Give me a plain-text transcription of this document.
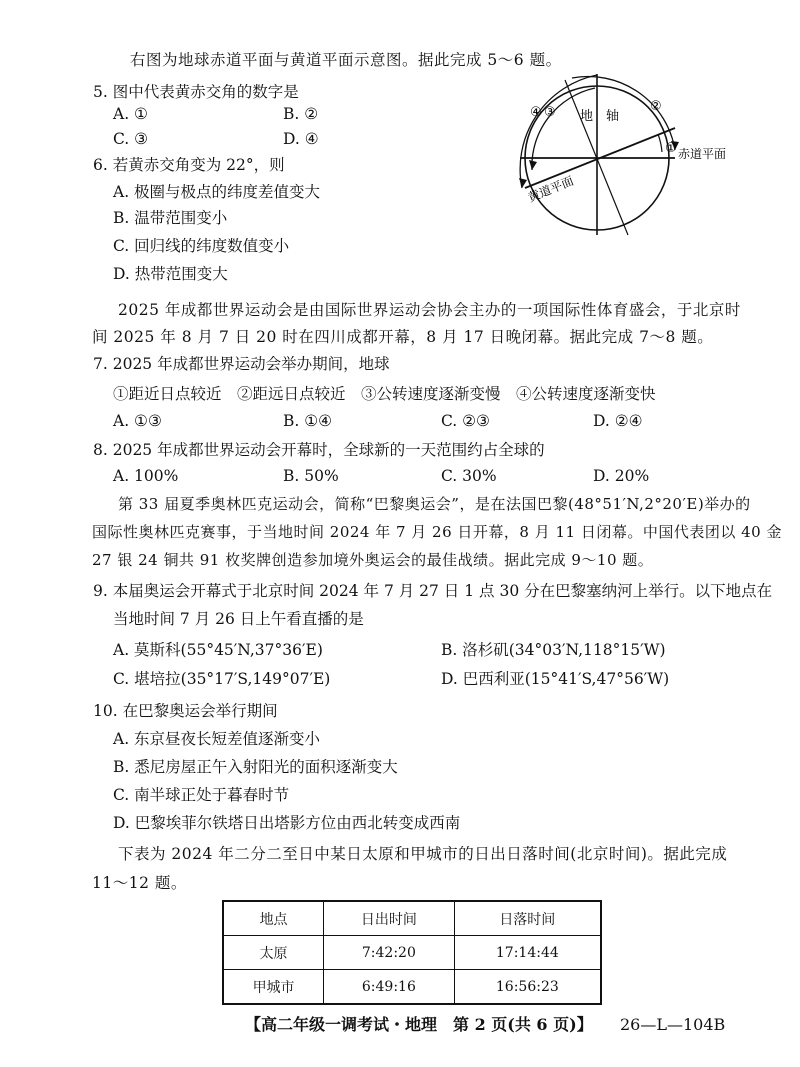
右图为地球赤道平面与黄道平面示意图。据此完成 5～6 题。
5. 图中代表黄赤交角的数字是
A. ①	B. ②
C. ③	D. ④
6. 若黄赤交角变为 22°，则
A. 极圈与极点的纬度差值变大
B. 温带范围变小
C. 回归线的纬度数值变小
D. 热带范围变大
地　轴
① 赤道平面
②
③
④
黄道平面
2025 年成都世界运动会是由国际世界运动会协会主办的一项国际性体育盛会，于北京时
间 2025 年 8 月 7 日 20 时在四川成都开幕，8 月 17 日晚闭幕。据此完成 7～8 题。
7. 2025 年成都世界运动会举办期间，地球
①距近日点较近　②距远日点较近　③公转速度逐渐变慢　④公转速度逐渐变快
A. ①③	B. ①④	C. ②③	D. ②④
8. 2025 年成都世界运动会开幕时，全球新的一天范围约占全球的
A. 100%	B. 50%	C. 30%	D. 20%
第 33 届夏季奥林匹克运动会，简称“巴黎奥运会”，是在法国巴黎(48°51′N,2°20′E)举办的
国际性奥林匹克赛事，于当地时间 2024 年 7 月 26 日开幕，8 月 11 日闭幕。中国代表团以 40 金
27 银 24 铜共 91 枚奖牌创造参加境外奥运会的最佳战绩。据此完成 9～10 题。
9. 本届奥运会开幕式于北京时间 2024 年 7 月 27 日 1 点 30 分在巴黎塞纳河上举行。以下地点在
当地时间 7 月 26 日上午看直播的是
A. 莫斯科(55°45′N,37°36′E)	B. 洛杉矶(34°03′N,118°15′W)
C. 堪培拉(35°17′S,149°07′E)	D. 巴西利亚(15°41′S,47°56′W)
10. 在巴黎奥运会举行期间
A. 东京昼夜长短差值逐渐变小
B. 悉尼房屋正午入射阳光的面积逐渐变大
C. 南半球正处于暮春时节
D. 巴黎埃菲尔铁塔日出塔影方位由西北转变成西南
下表为 2024 年二分二至日中某日太原和甲城市的日出日落时间(北京时间)。据此完成
11～12 题。
地点	日出时间	日落时间
太原	7:42:20	17:14:44
甲城市	6:49:16	16:56:23
【高二年级一调考试・地理　第 2 页(共 6 页)】 26—L—104B
